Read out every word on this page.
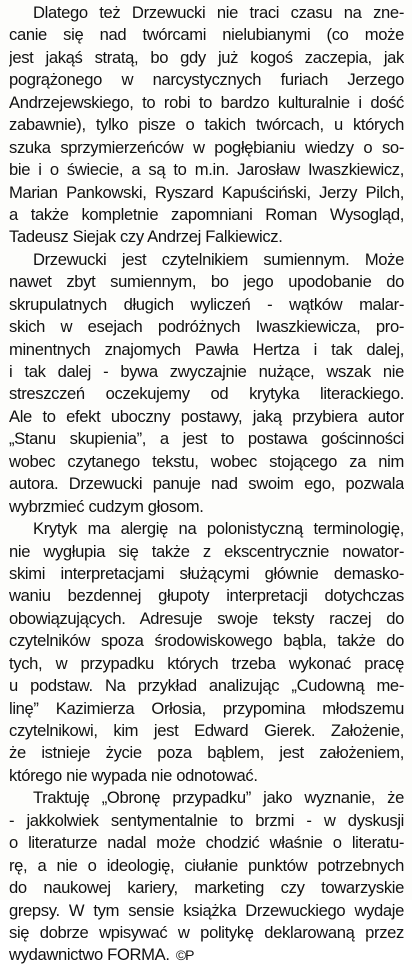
Dlatego też Drzewucki nie traci czasu na zne-
canie się nad twórcami nielubianymi (co może
jest jakąś stratą, bo gdy już kogoś zaczepia, jak
pogrążonego w narcystycznych furiach Jerzego
Andrzejewskiego, to robi to bardzo kulturalnie i dość
zabawnie), tylko pisze o takich twórcach, u których
szuka sprzymierzeńców w pogłębianiu wiedzy o so-
bie i o świecie, a są to m.in. Jarosław Iwaszkiewicz,
Marian Pankowski, Ryszard Kapuściński, Jerzy Pilch,
a także kompletnie zapomniani Roman Wysogląd,
Tadeusz Siejak czy Andrzej Falkiewicz.
Drzewucki jest czytelnikiem sumiennym. Może
nawet zbyt sumiennym, bo jego upodobanie do
skrupulatnych długich wyliczeń - wątków malar-
skich w esejach podróżnych Iwaszkiewicza, pro-
minentnych znajomych Pawła Hertza i tak dalej,
i tak dalej - bywa zwyczajnie nużące, wszak nie
streszczeń oczekujemy od krytyka literackiego.
Ale to efekt uboczny postawy, jaką przybiera autor
„Stanu skupienia”, a jest to postawa gościnności
wobec czytanego tekstu, wobec stojącego za nim
autora. Drzewucki panuje nad swoim ego, pozwala
wybrzmieć cudzym głosom.
Krytyk ma alergię na polonistyczną terminologię,
nie wygłupia się także z ekscentrycznie nowator-
skimi interpretacjami służącymi głównie demasko-
waniu bezdennej głupoty interpretacji dotychczas
obowiązujących. Adresuje swoje teksty raczej do
czytelników spoza środowiskowego bąbla, także do
tych, w przypadku których trzeba wykonać pracę
u podstaw. Na przykład analizując „Cudowną me-
linę” Kazimierza Orłosia, przypomina młodszemu
czytelnikowi, kim jest Edward Gierek. Założenie,
że istnieje życie poza bąblem, jest założeniem,
którego nie wypada nie odnotować.
Traktuję „Obronę przypadku” jako wyznanie, że
- jakkolwiek sentymentalnie to brzmi - w dyskusji
o literaturze nadal może chodzić właśnie o literatu-
rę, a nie o ideologię, ciułanie punktów potrzebnych
do naukowej kariery, marketing czy towarzyskie
grepsy. W tym sensie książka Drzewuckiego wydaje
się dobrze wpisywać w politykę deklarowaną przez
wydawnictwo FORMA. ©P
